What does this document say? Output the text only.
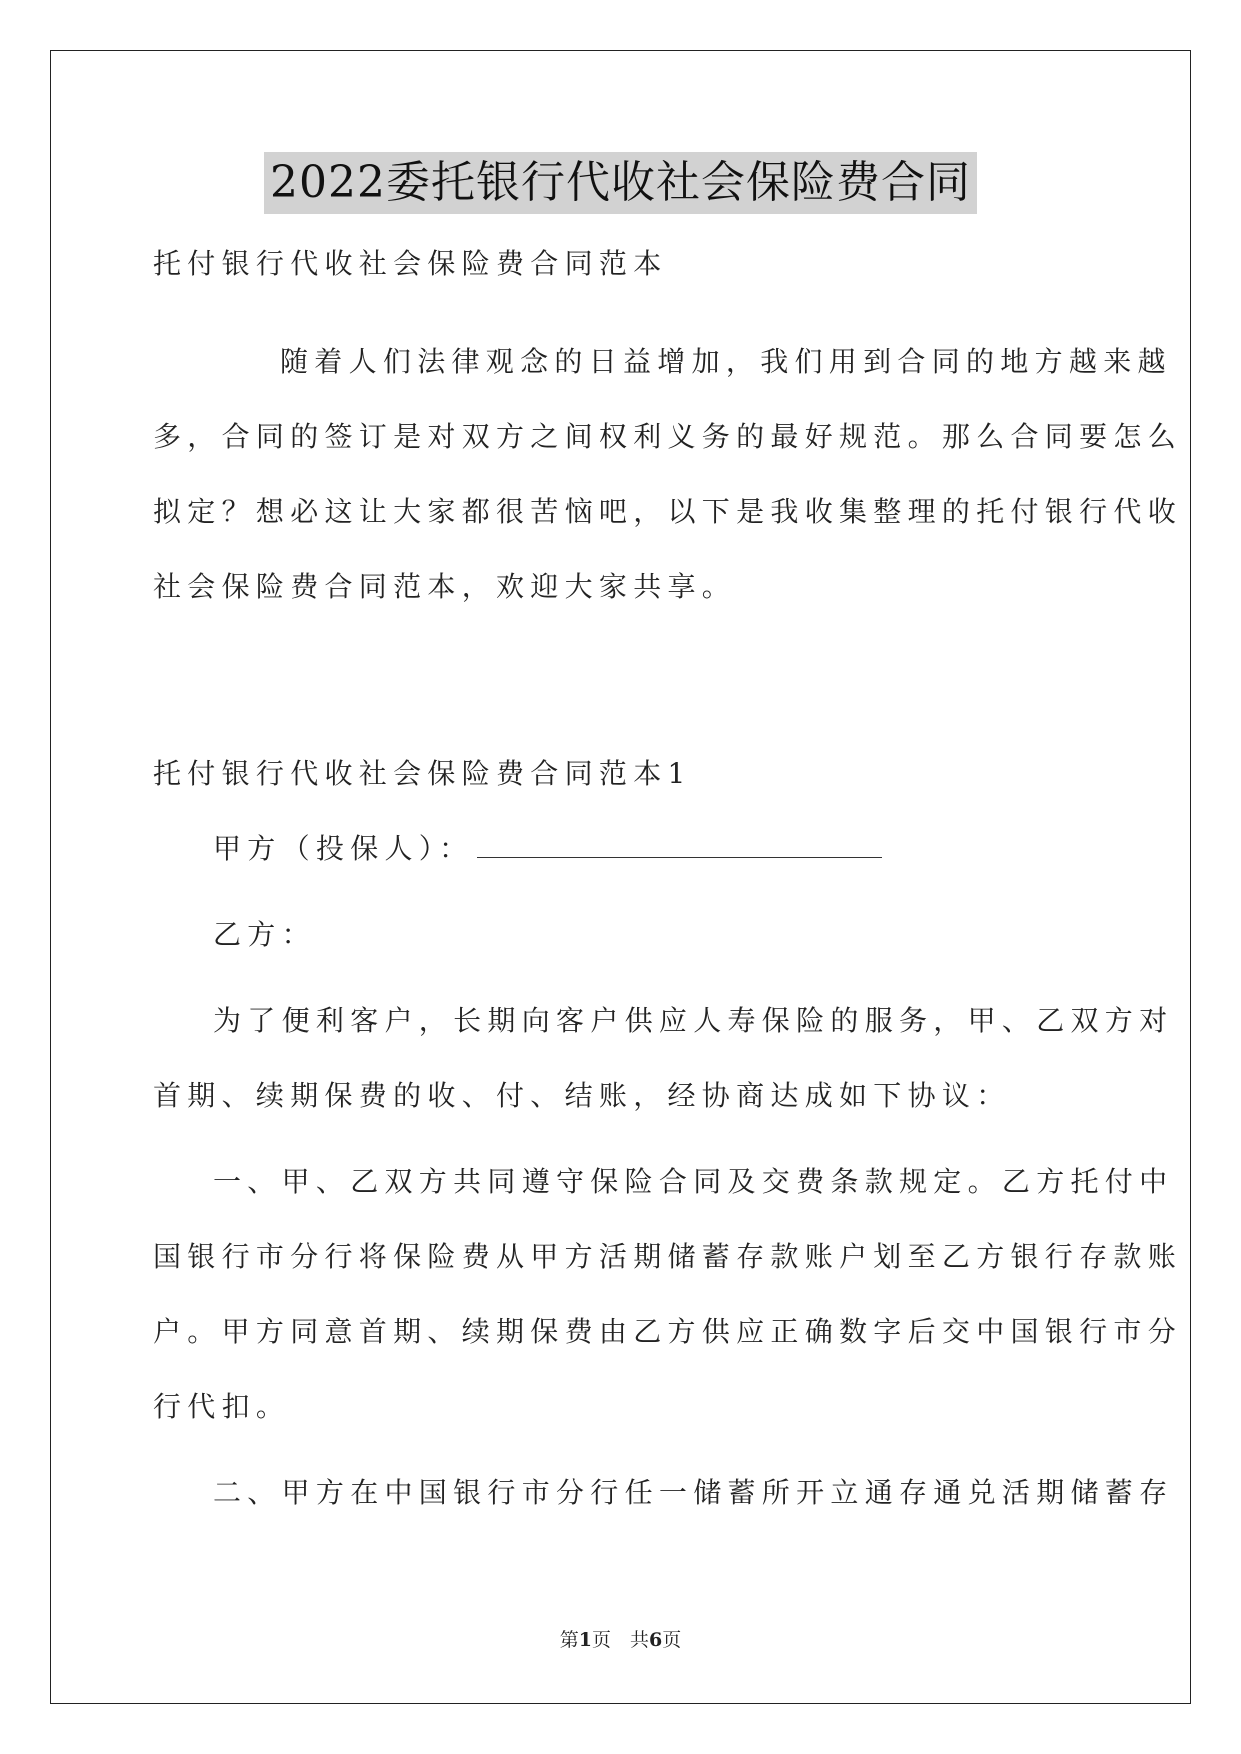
2022委托银行代收社会保险费合同
托付银行代收社会保险费合同范本
随着人们法律观念的日益增加，我们用到合同的地方越来越
多，合同的签订是对双方之间权利义务的最好规范。那么合同要怎么
拟定？想必这让大家都很苦恼吧，以下是我收集整理的托付银行代收
社会保险费合同范本，欢迎大家共享。
托付银行代收社会保险费合同范本1
甲方（投保人）：
乙方：
为了便利客户，长期向客户供应人寿保险的服务，甲、乙双方对
首期、续期保费的收、付、结账，经协商达成如下协议：
一、甲、乙双方共同遵守保险合同及交费条款规定。乙方托付中
国银行市分行将保险费从甲方活期储蓄存款账户划至乙方银行存款账
户。甲方同意首期、续期保费由乙方供应正确数字后交中国银行市分
行代扣。
二、甲方在中国银行市分行任一储蓄所开立通存通兑活期储蓄存
第1页　共6页
